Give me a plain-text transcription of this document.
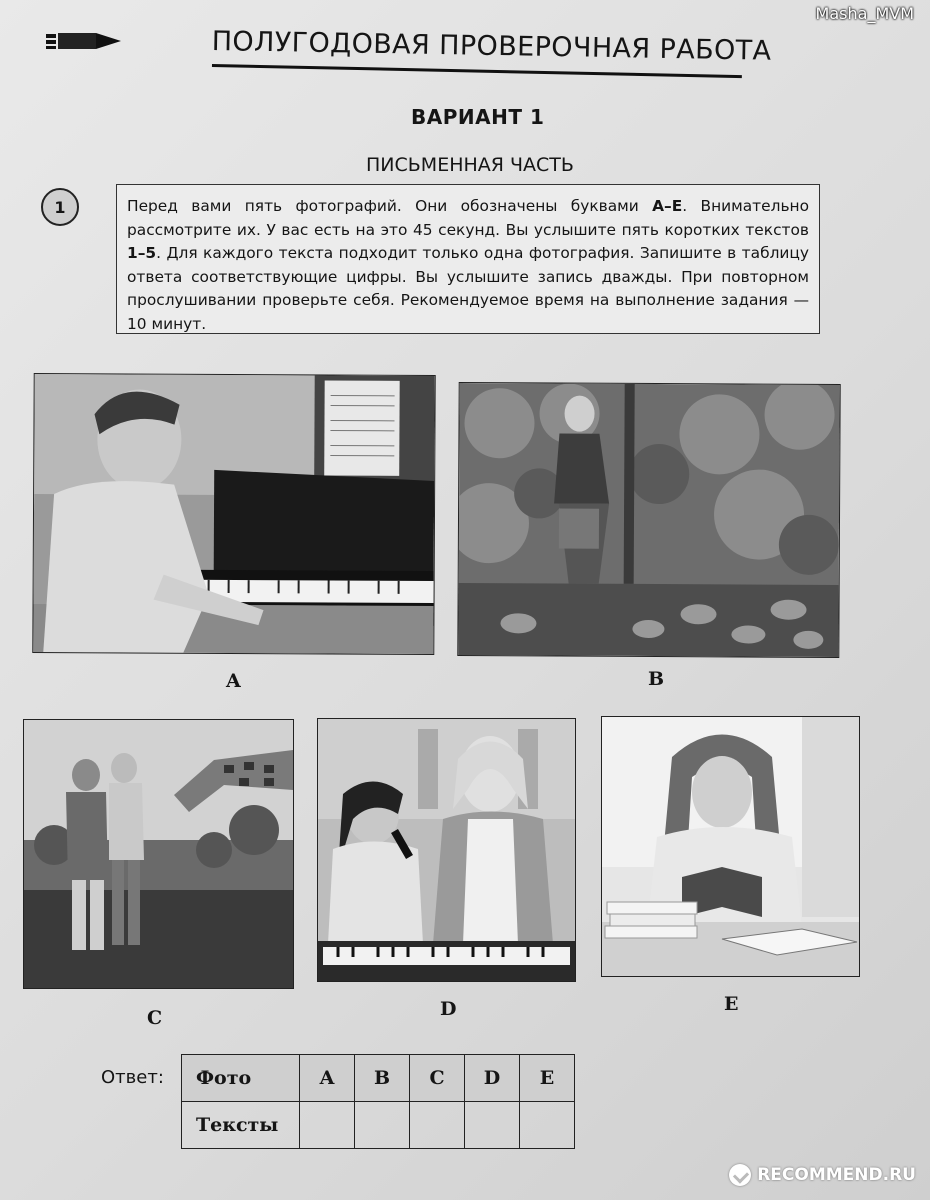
ПОЛУГОДОВАЯ ПРОВЕРОЧНАЯ РАБОТА
ВАРИАНТ 1
ПИСЬМЕННАЯ ЧАСТЬ
1	Перед вами пять фотографий. Они обозначены буквами A–E. Внимательно рассмотрите их. У вас есть на это 45 секунд. Вы услышите пять коротких текстов 1–5. Для каждого текста подходит только одна фотография. Запишите в таблицу ответа соответствующие цифры. Вы услышите запись дважды. При повторном прослушивании проверьте себя. Рекомендуемое время на выполнение задания — 10 минут.
A	B
C	D	E
Ответ: Фото	A	B	C	D	E
Тексты					
Masha_MVM
RECOMMEND.RU
